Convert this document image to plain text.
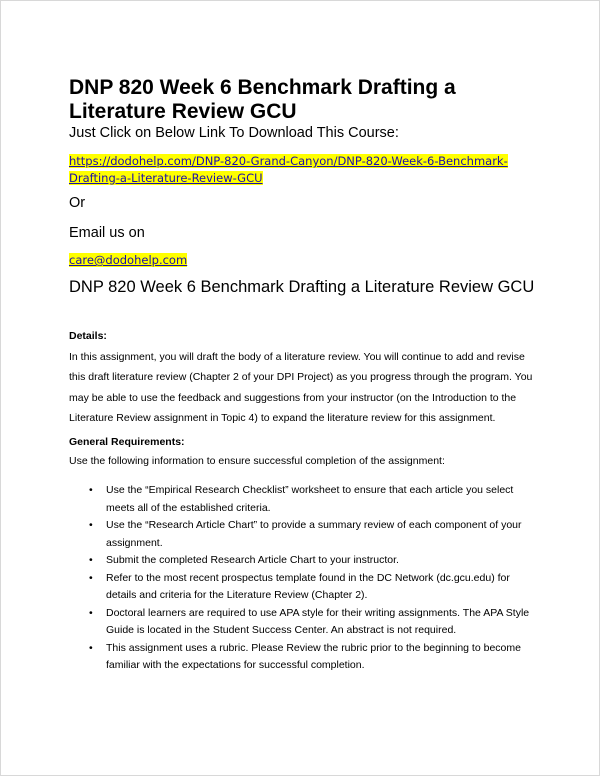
DNP 820 Week 6 Benchmark Drafting a Literature Review GCU

Just Click on Below Link To Download This Course:

https://dodohelp.com/DNP-820-Grand-Canyon/DNP-820-Week-6-Benchmark-Drafting-a-Literature-Review-GCU

Or

Email us on

care@dodohelp.com

DNP 820 Week 6 Benchmark Drafting a Literature Review GCU

Details:

In this assignment, you will draft the body of a literature review. You will continue to add and revise this draft literature review (Chapter 2 of your DPI Project) as you progress through the program. You may be able to use the feedback and suggestions from your instructor (on the Introduction to the Literature Review assignment in Topic 4) to expand the literature review for this assignment.

General Requirements:

Use the following information to ensure successful completion of the assignment:

• Use the “Empirical Research Checklist” worksheet to ensure that each article you select meets all of the established criteria.
• Use the “Research Article Chart” to provide a summary review of each component of your assignment.
• Submit the completed Research Article Chart to your instructor.
• Refer to the most recent prospectus template found in the DC Network (dc.gcu.edu) for details and criteria for the Literature Review (Chapter 2).
• Doctoral learners are required to use APA style for their writing assignments. The APA Style Guide is located in the Student Success Center. An abstract is not required.
• This assignment uses a rubric. Please Review the rubric prior to the beginning to become familiar with the expectations for successful completion.
